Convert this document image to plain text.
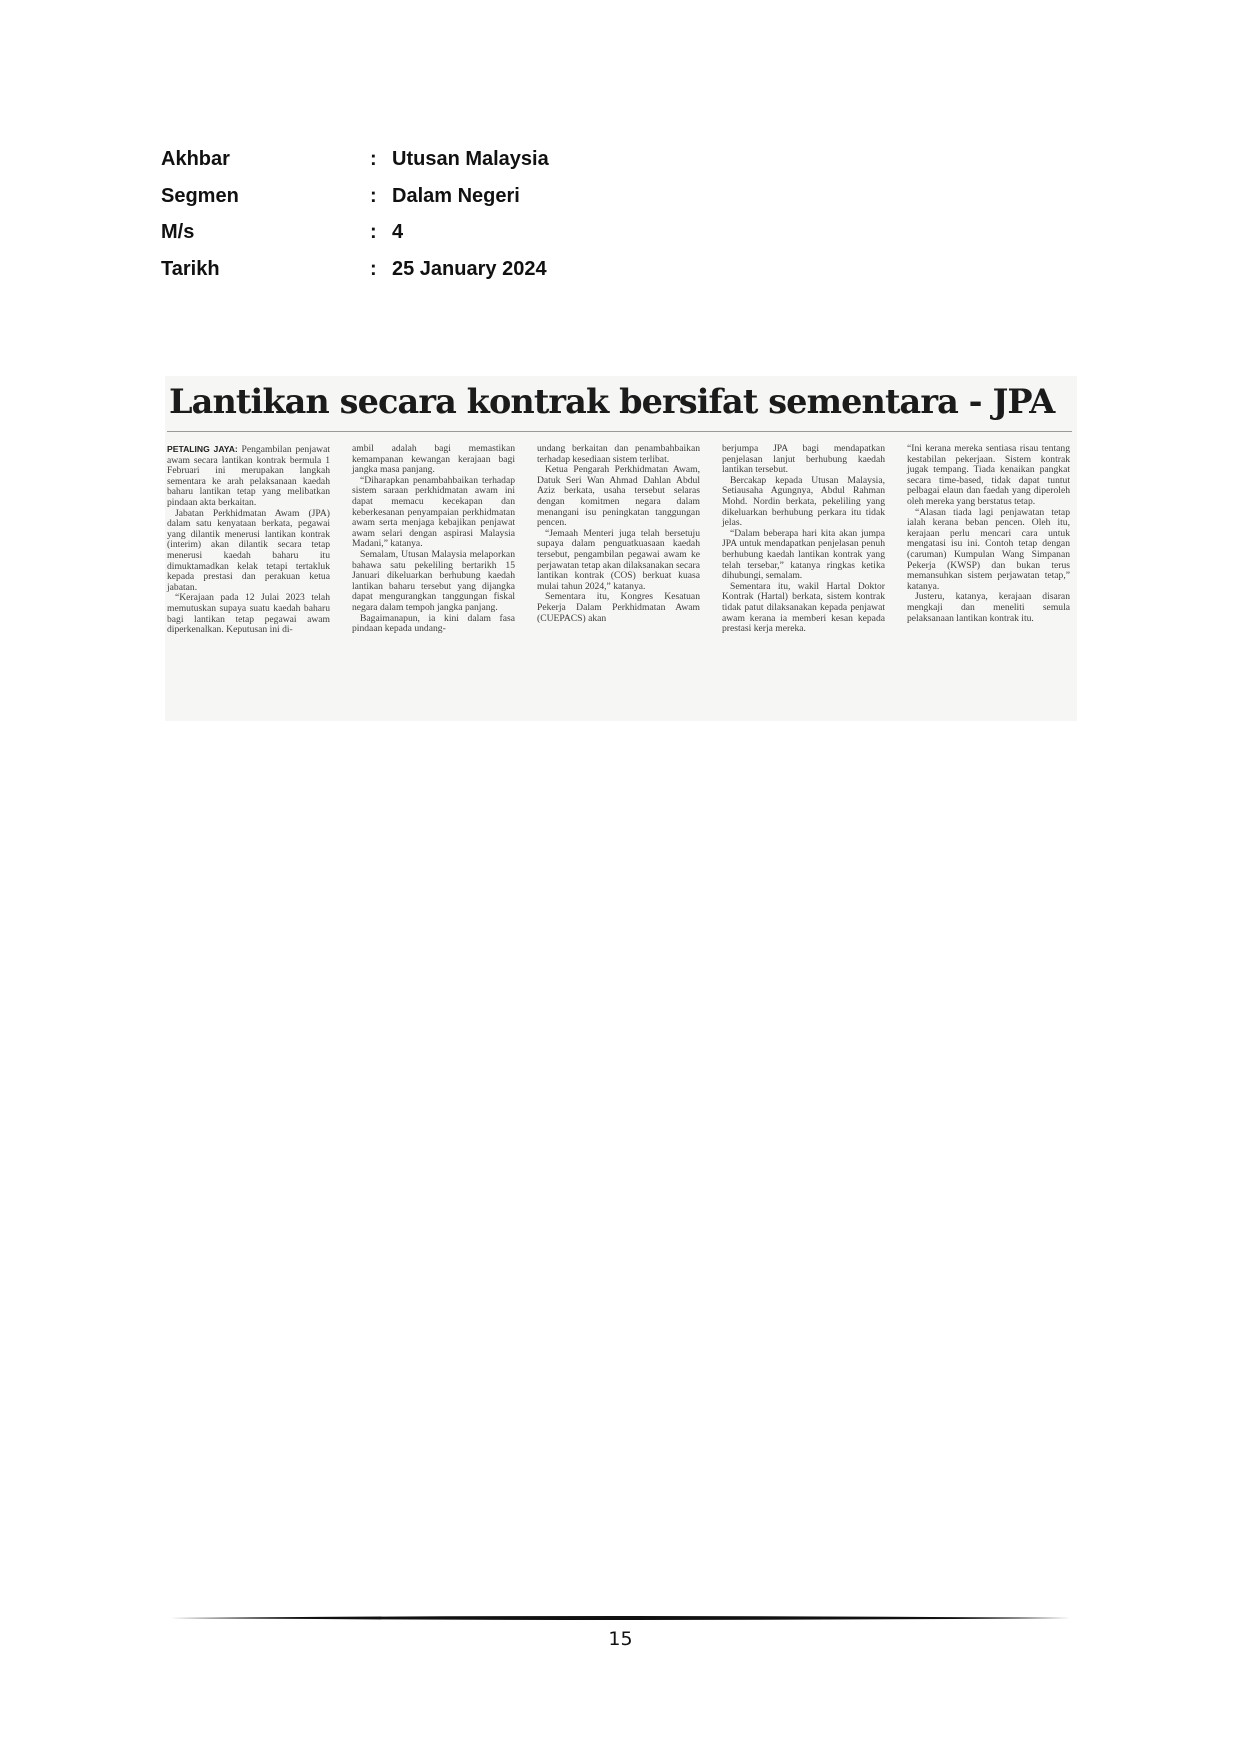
Akhbar	: Utusan Malaysia
Segmen	: Dalam Negeri
M/s	: 4
Tarikh	: 25 January 2024
Lantikan secara kontrak bersifat sementara - JPA

PETALING JAYA: Pengambilan penjawat awam secara lantikan kontrak bermula 1 Februari ini merupakan langkah sementara ke arah pelaksanaan kaedah baharu lantikan tetap yang melibatkan pindaan akta berkaitan.

Jabatan Perkhidmatan Awam (JPA) dalam satu kenyataan berkata, pegawai yang dilantik menerusi lantikan kontrak (interim) akan dilantik secara tetap menerusi kaedah baharu itu dimuktamadkan kelak tetapi tertakluk kepada prestasi dan perakuan ketua jabatan.

“Kerajaan pada 12 Julai 2023 telah memutuskan supaya suatu kaedah baharu bagi lantikan tetap pegawai awam diperkenalkan. Keputusan ini di-

ambil adalah bagi memastikan kemampanan kewangan kerajaan bagi jangka masa panjang.

“Diharapkan penambahbaikan terhadap sistem saraan perkhidmatan awam ini dapat memacu kecekapan dan keberkesanan penyampaian perkhidmatan awam serta menjaga kebajikan penjawat awam selari dengan aspirasi Malaysia Madani,” katanya.

Semalam, Utusan Malaysia melaporkan bahawa satu pekeliling bertarikh 15 Januari dikeluarkan berhubung kaedah lantikan baharu tersebut yang dijangka dapat mengurangkan tanggungan fiskal negara dalam tempoh jangka panjang.

Bagaimanapun, ia kini dalam fasa pindaan kepada undang-

undang berkaitan dan penambahbaikan terhadap kesediaan sistem terlibat.

Ketua Pengarah Perkhidmatan Awam, Datuk Seri Wan Ahmad Dahlan Abdul Aziz berkata, usaha tersebut selaras dengan komitmen negara dalam menangani isu peningkatan tanggungan pencen.

“Jemaah Menteri juga telah bersetuju supaya dalam penguatkuasaan kaedah tersebut, pengambilan pegawai awam ke perjawatan tetap akan dilaksanakan secara lantikan kontrak (COS) berkuat kuasa mulai tahun 2024,” katanya.

Sementara itu, Kongres Kesatuan Pekerja Dalam Perkhidmatan Awam (CUEPACS) akan

berjumpa JPA bagi mendapatkan penjelasan lanjut berhubung kaedah lantikan tersebut.

Bercakap kepada Utusan Malaysia, Setiausaha Agungnya, Abdul Rahman Mohd. Nordin berkata, pekeliling yang dikeluarkan berhubung perkara itu tidak jelas.

“Dalam beberapa hari kita akan jumpa JPA untuk mendapatkan penjelasan penuh berhubung kaedah lantikan kontrak yang telah tersebar,” katanya ringkas ketika dihubungi, semalam.

Sementara itu, wakil Hartal Doktor Kontrak (Hartal) berkata, sistem kontrak tidak patut dilaksanakan kepada penjawat awam kerana ia memberi kesan kepada prestasi kerja mereka.

“Ini kerana mereka sentiasa risau tentang kestabilan pekerjaan. Sistem kontrak jugak tempang. Tiada kenaikan pangkat secara time-based, tidak dapat tuntut pelbagai elaun dan faedah yang diperoleh oleh mereka yang berstatus tetap.

“Alasan tiada lagi penjawatan tetap ialah kerana beban pencen. Oleh itu, kerajaan perlu mencari cara untuk mengatasi isu ini. Contoh tetap dengan (caruman) Kumpulan Wang Simpanan Pekerja (KWSP) dan bukan terus memansuhkan sistem perjawatan tetap,” katanya.

Justeru, katanya, kerajaan disaran mengkaji dan meneliti semula pelaksanaan lantikan kontrak itu.

15
